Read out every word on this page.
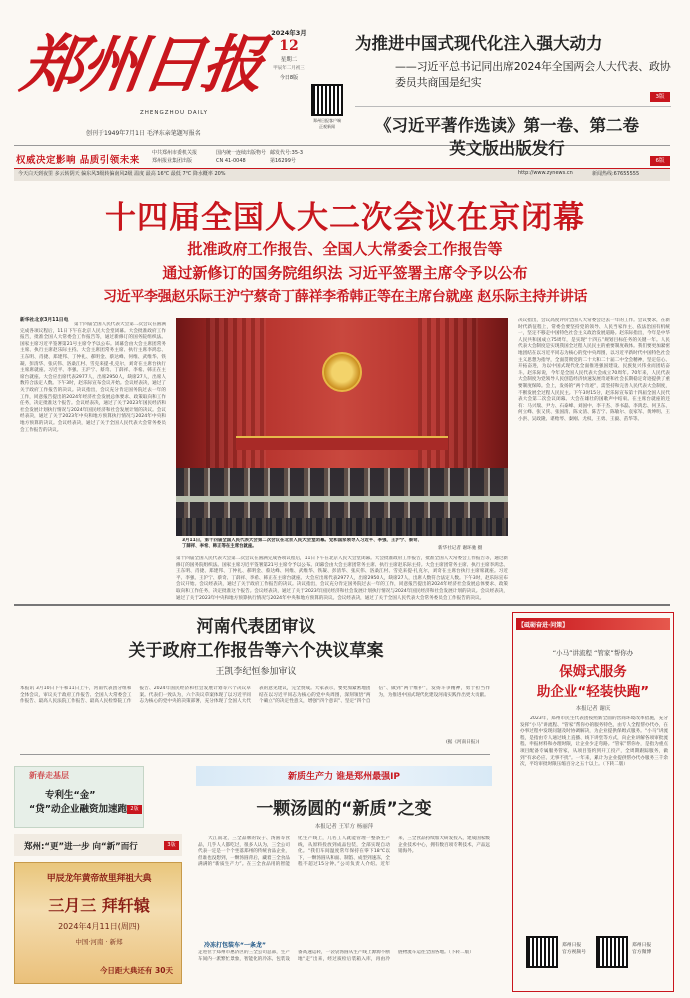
郑州日报
ZHENGZHOU DAILY
创刊于1949年7月1日 毛泽东亲笔题写报名
权威决定影响 品质引领未来
中共郑州市委机关报
郑州报业集团出版
国内统一连续出版物号
CN 41-0048
邮发代号:35-3
第16299号
2024年3月
12
星期二
甲辰年二月初三
今日8版
郑州日报客户端
正观新闻
为推进中国式现代化注入强大动力
——习近平总书记同出席2024年全国两会人大代表、政协委员共商国是纪实
3版
《习近平著作选读》第一卷、第二卷英文版出版发行
6版
今天白天到夜里 多云转阴天 偏东风3级转偏南风2级 温度 最高 16℃ 最低 7℃ 降水概率 20%	http://www.zynews.cn	新闻热线:67655555
十四届全国人大二次会议在京闭幕
批准政府工作报告、全国人大常委会工作报告等
通过新修订的国务院组织法 习近平签署主席令予以公布
习近平李强赵乐际王沪宁蔡奇丁薛祥李希韩正等在主席台就座 赵乐际主持并讲话
新华社北京3月11日电
第十四届全国人民代表大会第二次会议在圆满完成各项议程后，11日下午在北京人民大会堂闭幕。大会批准政府工作报告，批准全国人大常委会工作报告等，通过新修订的国务院组织法。国家主席习近平签署第21号主席令予以公布。闭幕会由大会主席团常务主席、执行主席赵乐际主持。大会主席团常务主席、执行主席李鸿忠、王东明、肖捷、郑建邦、丁仲礼、郝明金、蔡达峰、何维、武维华、铁凝、彭清华、张庆伟、洛桑江村、雪克来提·扎克尔，刘奇在主席台执行主席席就座。习近平、李强、王沪宁、蔡奇、丁薛祥、李希、韩正在主席台就座。大会应出席代表2977人，出席2950人，缺席27人，出席人数符合法定人数。下午3时，赵乐际宣布会议开始。会议经表决，通过了关于政府工作报告的决议。决议指出，会议充分肯定国务院过去一年的工作，同意报告提出的2024年经济社会发展总体要求、政策取向和工作任务，决定批准这个报告。会议经表决，通过了关于2023年国民经济和社会发展计划执行情况与2024年国民经济和社会发展计划的决议。会议经表决，通过了关于2023年中央和地方预算执行情况与2024年中央和地方预算的决议。会议经表决，通过了关于全国人民代表大会常务委员会工作报告的决议。
3月11日，第十四届全国人民代表大会第二次会议在北京人民大会堂闭幕。党和国家领导人习近平、李强、王沪宁、蔡奇、丁薛祥、李希、韩正等在主席台就座。	新华社记者 谢环驰 摄
决议指出，会议高度评价全国人大常委会过去一年的工作。会议要求，在新时代新征程上，常委会要坚持党的领导、人民当家作主、依法治国有机统一，坚定不移走中国特色社会主义政治发展道路。赵乐际指出，今年是中华人民共和国成立75周年，是实现“十四五”规划目标任务的关键一年。人民代表大会制度是实现我国全过程人民民主的重要制度载体。我们要更加紧密地团结在以习近平同志为核心的党中央周围，以习近平新时代中国特色社会主义思想为指导，全面贯彻党的二十大和二十届二中全会精神，坚定信心、开拓奋进，为以中国式现代化全面推进强国建设、民族复兴伟业而团结奋斗。赵乐际说，今年是全国人民代表大会成立70周年。70年来，人民代表大会制度为党领导人民创造经济快速发展奇迹和社会长期稳定奇迹提供了重要制度保障。会上，发扬的“两个奇迹”，需坚持和完善人民代表大会制度，不断发展全过程人民民主。下午3时15分，赵乐际宣布第十四届全国人民代表大会第二次会议闭幕。大会在雄壮的国歌声中结束。在主席台就座的还有：马兴瑞、尹力、石泰峰、刘国中、李干杰、李书磊、李鸿忠、何卫东、何立峰、张又侠、张国清、陈文清、陈吉宁、陈敏尔、袁家军、黄坤明、王小洪、吴政隆、谌贻琴、秦刚、尤权、王勇、王毅、苗华等。
第十四届全国人民代表大会第二次会议在圆满完成各项议程后，11日下午在北京人民大会堂闭幕。大会批准政府工作报告，批准全国人大常委会工作报告等，通过新修订的国务院组织法。国家主席习近平签署第21号主席令予以公布。闭幕会由大会主席团常务主席、执行主席赵乐际主持。大会主席团常务主席、执行主席李鸿忠、王东明、肖捷、郑建邦、丁仲礼、郝明金、蔡达峰、何维、武维华、铁凝、彭清华、张庆伟、洛桑江村、雪克来提·扎克尔，刘奇在主席台执行主席席就座。习近平、李强、王沪宁、蔡奇、丁薛祥、李希、韩正在主席台就座。大会应出席代表2977人，出席2950人，缺席27人，出席人数符合法定人数。下午3时，赵乐际宣布会议开始。会议经表决，通过了关于政府工作报告的决议。决议指出，会议充分肯定国务院过去一年的工作，同意报告提出的2024年经济社会发展总体要求、政策取向和工作任务，决定批准这个报告。会议经表决，通过了关于2023年国民经济和社会发展计划执行情况与2024年国民经济和社会发展计划的决议。会议经表决，通过了关于2023年中央和地方预算执行情况与2024年中央和地方预算的决议。会议经表决，通过了关于全国人民代表大会常务委员会工作报告的决议。
河南代表团审议
关于政府工作报告等六个决议草案
王凯李纪恒参加审议
本报讯 3月10日下午和11日上午，河南代表团分组和全体会议，审议关于政府工作报告、全国人大常委会工作报告、最高人民法院工作报告、最高人民检察院工作报告、2024年国民经济和社会发展计划等六个决议草案。代表们一致认为，六个决议草案体现了以习近平同志为核心的党中央的决策部署，充分体现了全国人大代表的意见建议，完全赞成。大家表示，要更加紧密地团结在以习近平同志为核心的党中央周围，深刻领悟“两个确立”的决定性意义，增强“四个意识”、坚定“四个自信”、做到“两个维护”，发扬斗争精神，勇于担当作为，为推进中国式现代化建设河南实践作出更大贡献。
(据《河南日报》)
【砥砺奋进·问策】
“小马”讲流程 “管家”帮你办
保姆式服务
助企业“轻装快跑”
本报记者 谢庆
2023年，郑州市民生代表团按照新全面的营商环境改革措施，充分发挥“小马”讲流程、“管家”帮你办的服务特色，由专人全程帮办代办，在办事过程中发现问题及时协调解决，为企业提供保姆式服务。“小马”讲流程，是指由专人通过线上直播、线下讲堂等方式，向企业讲解各项审批流程、申报材料和办理时限，让企业少走弯路。“管家”帮你办，是指为重点项目配备专属服务管家，从项目签约到开工投产，全周期跟踪服务，做到“有求必应、无事不扰”。一年来，累计为企业提供帮办代办服务三千余次，平均审批时限压缩百分之五十以上。（下转二版）
郑州日报
官方视频号
郑州日报
官方微博
新春走基层
专利生“金”
“贷”动企业融资加速跑 2版
郑州:“更”进一步 向“新”而行	3版
甲辰龙年黄帝故里拜祖大典
三月三 拜轩辕
2024年4月11日(周四)
中国·河南 · 新郑
今日距大典还有 30天
新质生产力 谁是郑州最强IP
一颗汤圆的“新质”之变
本报记者 王军方 杨丽萍
大江南北，三全品牌的饺子、汤圆等食品，几乎人人都吃过，很多人认为，三全公司代表一定是一个个坐落郑州的传统食品企业，但谁也没想到，一颗汤圆背后，藏着三全食品满满的“新质生产力”。在三全食品用的智能化生产线上，几名工人就能管理一整条生产线，从原料投放到成品包装，全部实现自动化。“我们车间温度常年保持在零下18℃以下，一颗汤圆从和面、制馅、成型到速冻，全程不超过15分钟。”公司负责人介绍。近年来，三全食品持续加大研发投入，建成国家级企业技术中心，拥有数百项专利技术，产品远销海外。
冷冻打包装车“一条龙”
走进位于郑州市惠济区的三全公司总部，生产车间内一派繁忙景象，智能化的冷冻、包装设备高速运转，一袋袋汤圆从生产线上源源不断地“走”出来，经过质检后装箱入库，再由冷链物流车运往全国各地。（下转二版）
